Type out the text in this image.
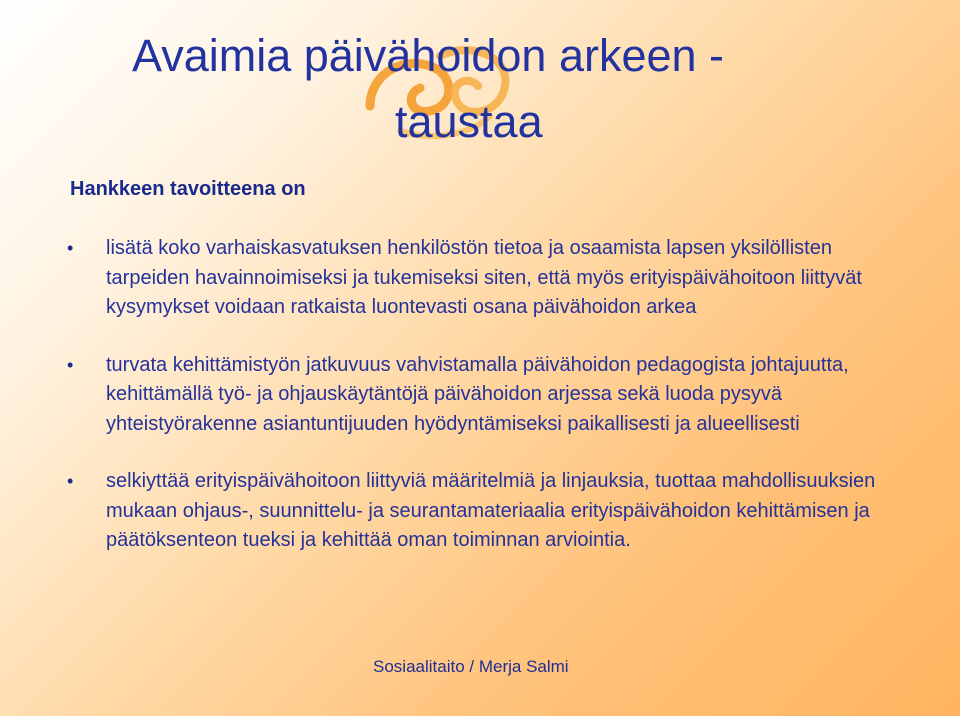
Avaimia päivähoidon arkeen -
taustaa

Hankkeen tavoitteena on

• lisätä koko varhaiskasvatuksen henkilöstön tietoa ja osaamista lapsen yksilöllisten tarpeiden havainnoimiseksi ja tukemiseksi siten, että myös erityispäivähoitoon liittyvät kysymykset voidaan ratkaista luontevasti osana päivähoidon arkea
• turvata kehittämistyön jatkuvuus vahvistamalla päivähoidon pedagogista johtajuutta, kehittämällä työ- ja ohjauskäytäntöjä päivähoidon arjessa sekä luoda pysyvä yhteistyörakenne asiantuntijuuden hyödyntämiseksi paikallisesti ja alueellisesti
• selkiyttää erityispäivähoitoon liittyviä määritelmiä ja linjauksia, tuottaa mahdollisuuksien mukaan ohjaus-, suunnittelu- ja seurantamateriaalia erityispäivähoidon kehittämisen ja päätöksenteon tueksi ja kehittää oman toiminnan arviointia.

Sosiaalitaito / Merja Salmi
